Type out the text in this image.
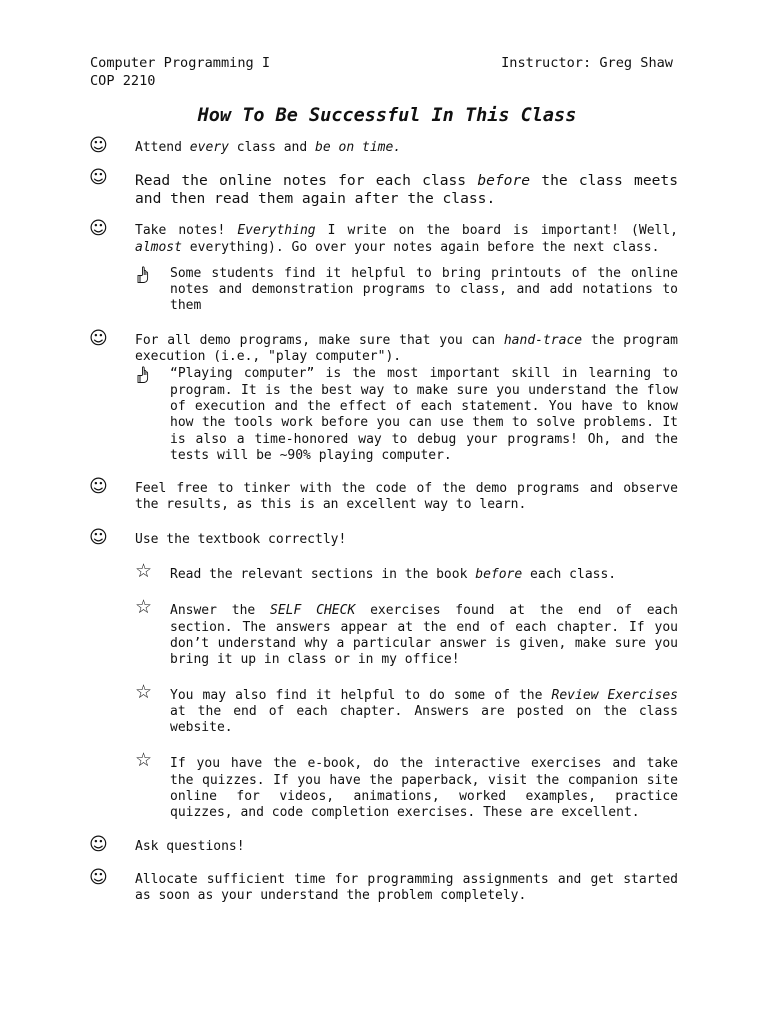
Computer Programming I	Instructor: Greg Shaw
COP 2210
How To Be Successful In This Class
☺ Attend every class and be on time.
☺ Read the online notes for each class before the class meets and then read them again after the class.
☺ Take notes! Everything I write on the board is important! (Well, almost everything). Go over your notes again before the next class.
Some students find it helpful to bring printouts of the online notes and demonstration programs to class, and add notations to them
☺ For all demo programs, make sure that you can hand-trace the program execution (i.e., "play computer").
“Playing computer” is the most important skill in learning to program. It is the best way to make sure you understand the flow of execution and the effect of each statement. You have to know how the tools work before you can use them to solve problems. It is also a time-honored way to debug your programs! Oh, and the tests will be ~90% playing computer.
☺ Feel free to tinker with the code of the demo programs and observe the results, as this is an excellent way to learn.
☺ Use the textbook correctly!
☆ Read the relevant sections in the book before each class.
☆ Answer the SELF CHECK exercises found at the end of each section. The answers appear at the end of each chapter. If you don’t understand why a particular answer is given, make sure you bring it up in class or in my office!
☆ You may also find it helpful to do some of the Review Exercises at the end of each chapter. Answers are posted on the class website.
☆ If you have the e-book, do the interactive exercises and take the quizzes. If you have the paperback, visit the companion site online for videos, animations, worked examples, practice quizzes, and code completion exercises. These are excellent.
☺ Ask questions!
☺ Allocate sufficient time for programming assignments and get started as soon as your understand the problem completely.
